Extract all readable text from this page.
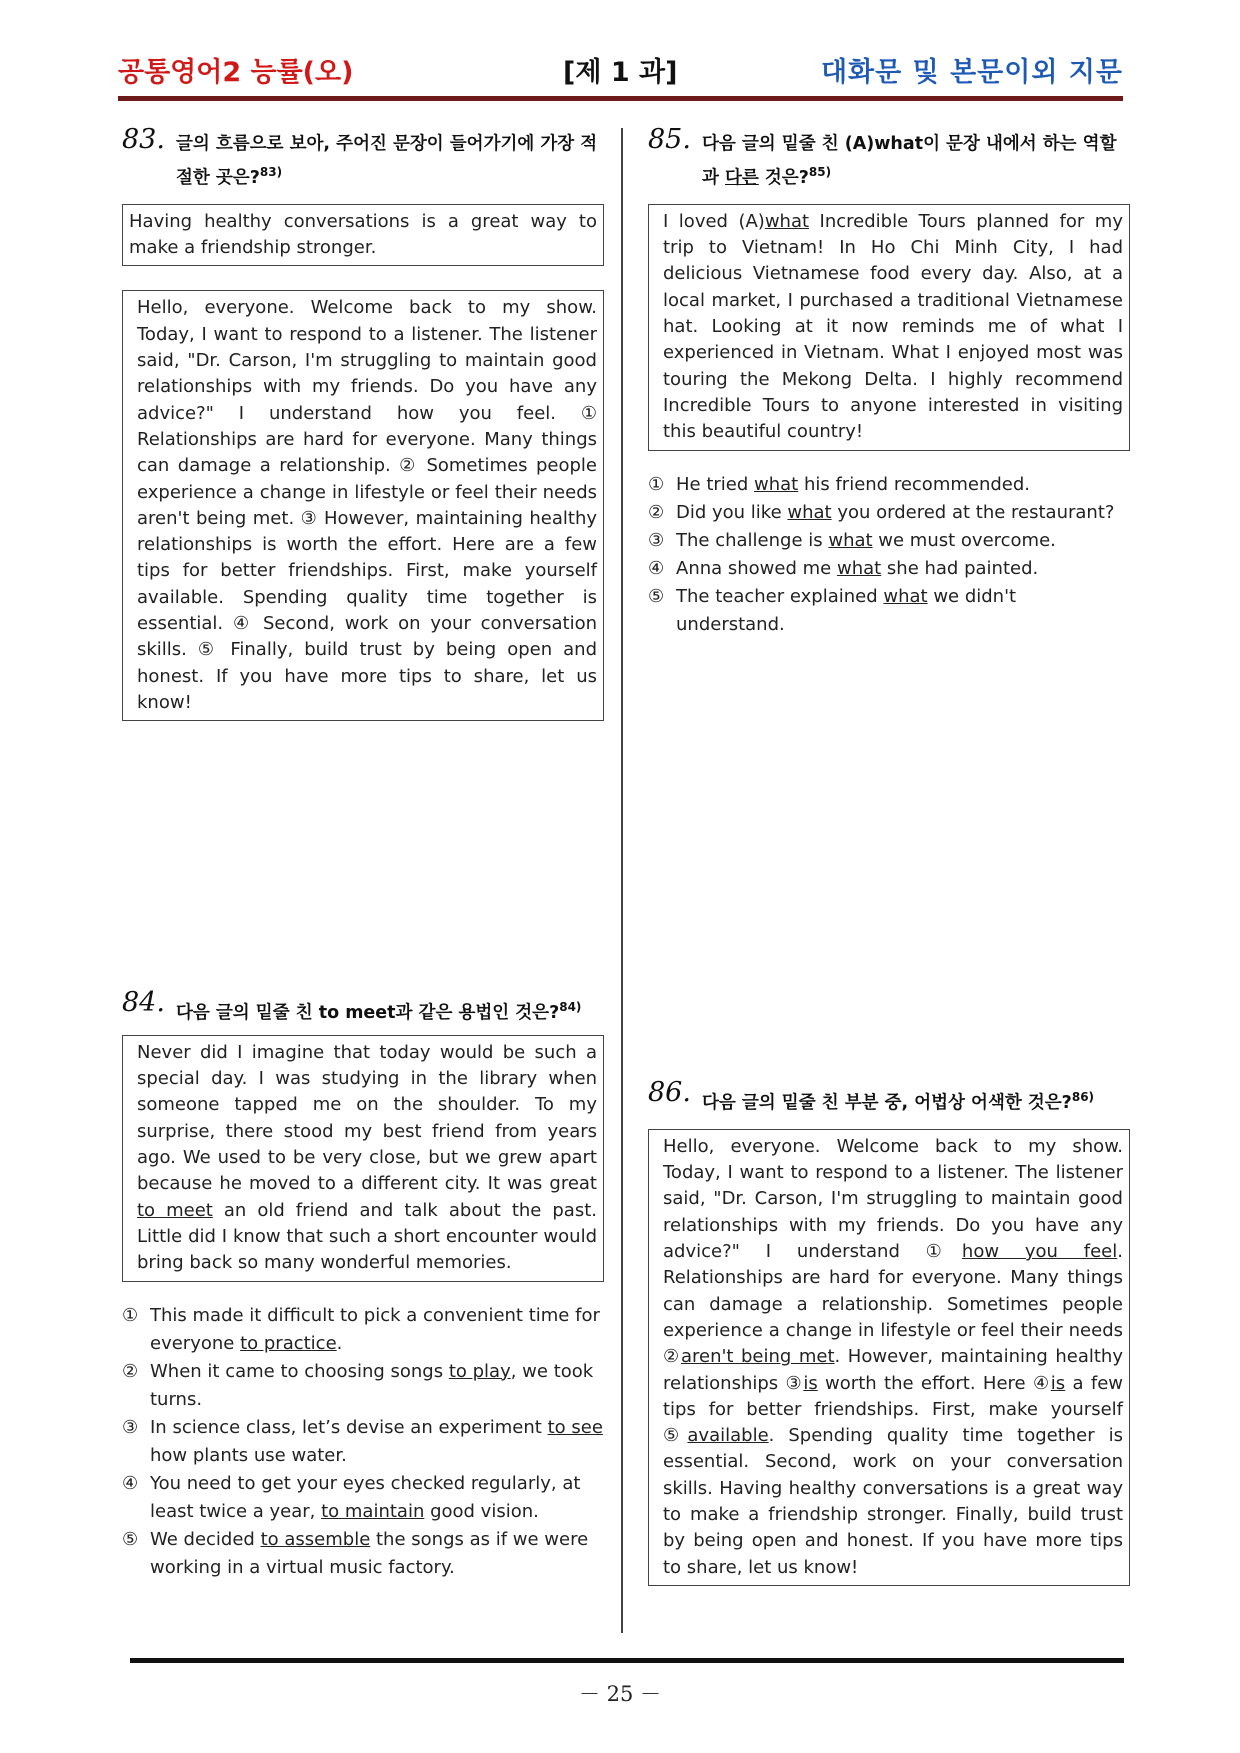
공통영어2 능률(오)	[제 1 과]	대화문 및 본문이외 지문
83. 글의 흐름으로 보아, 주어진 문장이 들어가기에 가장 적절한 곳은?$^{83)}$
Having healthy conversations is a great way to make a friendship stronger.
Hello, everyone. Welcome back to my show. Today, I want to respond to a listener. The listener said, "Dr. Carson, I'm struggling to maintain good relationships with my friends. Do you have any advice?" I understand how you feel. ① Relationships are hard for everyone. Many things can damage a relationship. ② Sometimes people experience a change in lifestyle or feel their needs aren't being met. ③ However, maintaining healthy relationships is worth the effort. Here are a few tips for better friendships. First, make yourself available. Spending quality time together is essential. ④ Second, work on your conversation skills. ⑤ Finally, build trust by being open and honest. If you have more tips to share, let us know!
84. 다음 글의 밑줄 친 to meet과 같은 용법인 것은?$^{84)}$
Never did I imagine that today would be such a special day. I was studying in the library when someone tapped me on the shoulder. To my surprise, there stood my best friend from years ago. We used to be very close, but we grew apart because he moved to a different city. It was great to meet an old friend and talk about the past. Little did I know that such a short encounter would bring back so many wonderful memories.
① This made it difficult to pick a convenient time for everyone to practice.
② When it came to choosing songs to play, we took turns.
③ In science class, let’s devise an experiment to see how plants use water.
④ You need to get your eyes checked regularly, at least twice a year, to maintain good vision.
⑤ We decided to assemble the songs as if we were working in a virtual music factory.
85. 다음 글의 밑줄 친 (A)what이 문장 내에서 하는 역할과 다른 것은?$^{85)}$
I loved (A)what Incredible Tours planned for my trip to Vietnam! In Ho Chi Minh City, I had delicious Vietnamese food every day. Also, at a local market, I purchased a traditional Vietnamese hat. Looking at it now reminds me of what I experienced in Vietnam. What I enjoyed most was touring the Mekong Delta. I highly recommend Incredible Tours to anyone interested in visiting this beautiful country!
① He tried what his friend recommended.
② Did you like what you ordered at the restaurant?
③ The challenge is what we must overcome.
④ Anna showed me what she had painted.
⑤ The teacher explained what we didn't understand.
86. 다음 글의 밑줄 친 부분 중, 어법상 어색한 것은?$^{86)}$
Hello, everyone. Welcome back to my show. Today, I want to respond to a listener. The listener said, "Dr. Carson, I'm struggling to maintain good relationships with my friends. Do you have any advice?" I understand ①how you feel. Relationships are hard for everyone. Many things can damage a relationship. Sometimes people experience a change in lifestyle or feel their needs ②aren't being met. However, maintaining healthy relationships ③is worth the effort. Here ④is a few tips for better friendships. First, make yourself ⑤available. Spending quality time together is essential. Second, work on your conversation skills. Having healthy conversations is a great way to make a friendship stronger. Finally, build trust by being open and honest. If you have more tips to share, let us know!
－ 25 －
